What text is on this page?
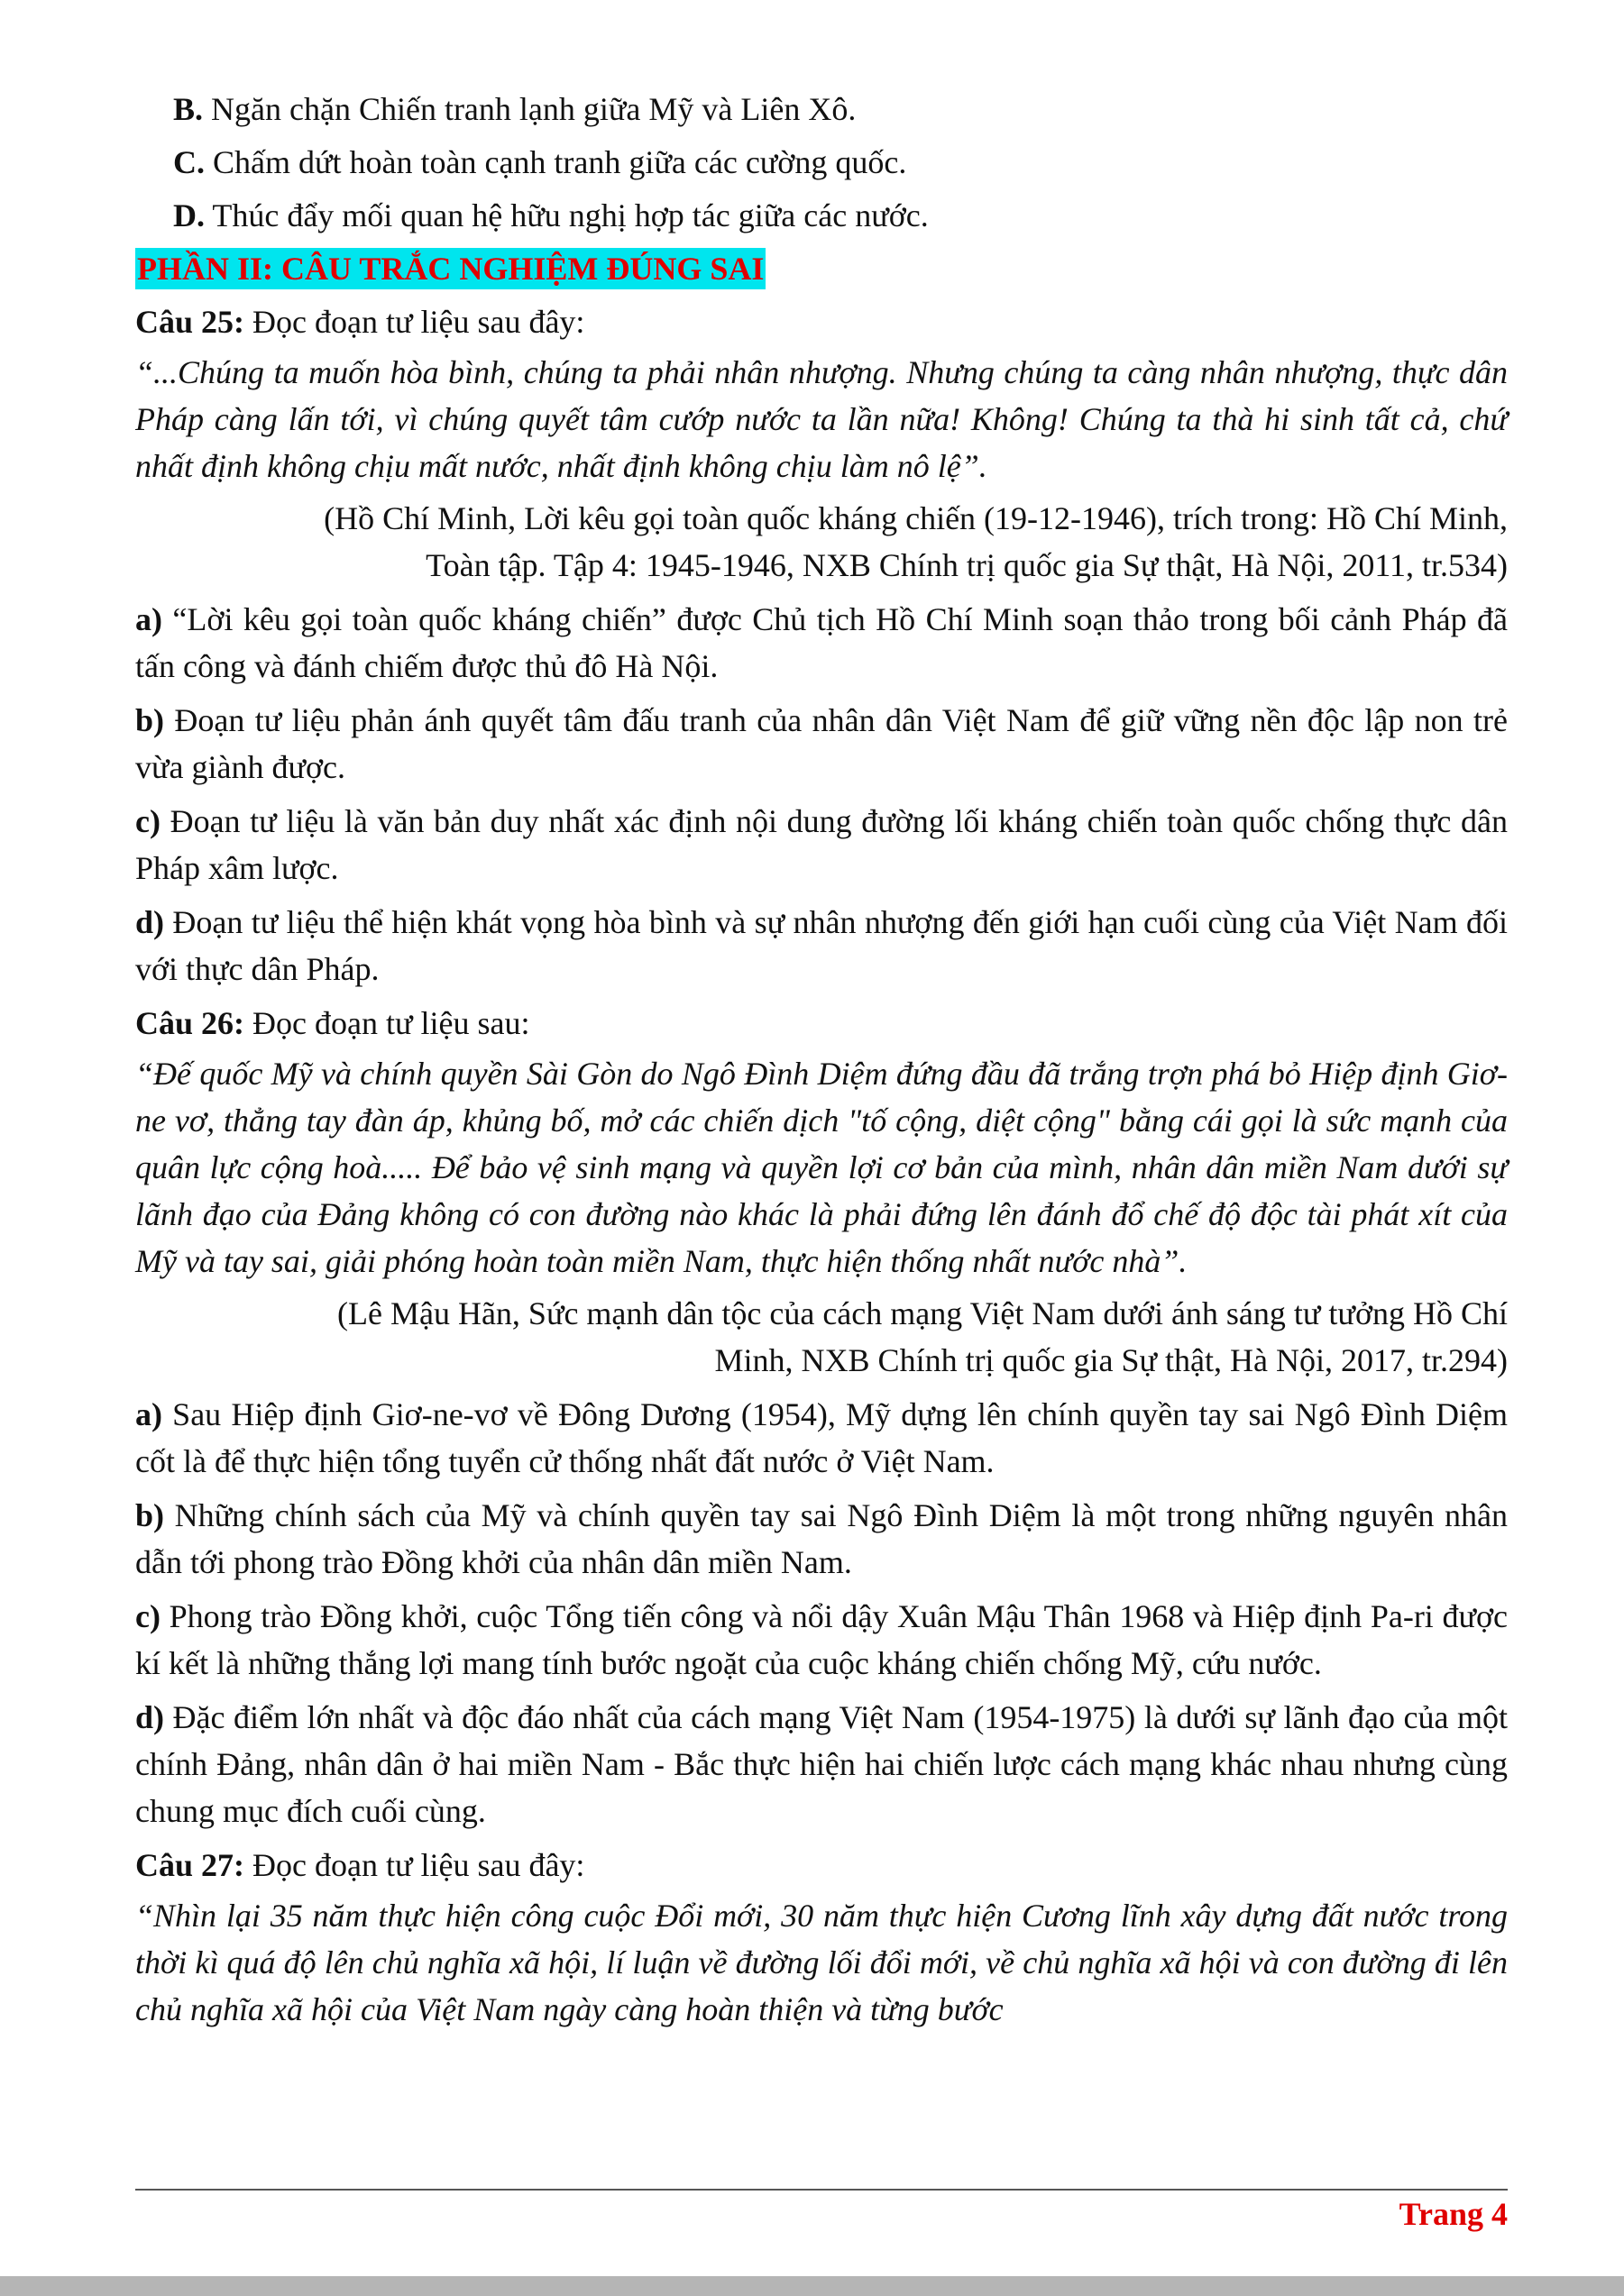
B. Ngăn chặn Chiến tranh lạnh giữa Mỹ và Liên Xô.

C. Chấm dứt hoàn toàn cạnh tranh giữa các cường quốc.

D. Thúc đẩy mối quan hệ hữu nghị hợp tác giữa các nước.

PHẦN II: CÂU TRẮC NGHIỆM ĐÚNG SAI

Câu 25: Đọc đoạn tư liệu sau đây:

“...Chúng ta muốn hòa bình, chúng ta phải nhân nhượng. Nhưng chúng ta càng nhân nhượng, thực dân Pháp càng lấn tới, vì chúng quyết tâm cướp nước ta lần nữa! Không! Chúng ta thà hi sinh tất cả, chứ nhất định không chịu mất nước, nhất định không chịu làm nô lệ”.

(Hồ Chí Minh, Lời kêu gọi toàn quốc kháng chiến (19-12-1946), trích trong: Hồ Chí Minh,
Toàn tập. Tập 4: 1945-1946, NXB Chính trị quốc gia Sự thật, Hà Nội, 2011, tr.534)

a) “Lời kêu gọi toàn quốc kháng chiến” được Chủ tịch Hồ Chí Minh soạn thảo trong bối cảnh Pháp đã tấn công và đánh chiếm được thủ đô Hà Nội.

b) Đoạn tư liệu phản ánh quyết tâm đấu tranh của nhân dân Việt Nam để giữ vững nền độc lập non trẻ vừa giành được.

c) Đoạn tư liệu là văn bản duy nhất xác định nội dung đường lối kháng chiến toàn quốc chống thực dân Pháp xâm lược.

d) Đoạn tư liệu thể hiện khát vọng hòa bình và sự nhân nhượng đến giới hạn cuối cùng của Việt Nam đối với thực dân Pháp.

Câu 26: Đọc đoạn tư liệu sau:

“Đế quốc Mỹ và chính quyền Sài Gòn do Ngô Đình Diệm đứng đầu đã trắng trợn phá bỏ Hiệp định Giơ-ne vơ, thẳng tay đàn áp, khủng bố, mở các chiến dịch "tố cộng, diệt cộng" bằng cái gọi là sức mạnh của quân lực cộng hoà..... Để bảo vệ sinh mạng và quyền lợi cơ bản của mình, nhân dân miền Nam dưới sự lãnh đạo của Đảng không có con đường nào khác là phải đứng lên đánh đổ chế độ độc tài phát xít của Mỹ và tay sai, giải phóng hoàn toàn miền Nam, thực hiện thống nhất nước nhà”.

(Lê Mậu Hãn, Sức mạnh dân tộc của cách mạng Việt Nam dưới ánh sáng tư tưởng Hồ Chí
Minh, NXB Chính trị quốc gia Sự thật, Hà Nội, 2017, tr.294)

a) Sau Hiệp định Giơ-ne-vơ về Đông Dương (1954), Mỹ dựng lên chính quyền tay sai Ngô Đình Diệm cốt là để thực hiện tổng tuyển cử thống nhất đất nước ở Việt Nam.

b) Những chính sách của Mỹ và chính quyền tay sai Ngô Đình Diệm là một trong những nguyên nhân dẫn tới phong trào Đồng khởi của nhân dân miền Nam.

c) Phong trào Đồng khởi, cuộc Tổng tiến công và nổi dậy Xuân Mậu Thân 1968 và Hiệp định Pa-ri được kí kết là những thắng lợi mang tính bước ngoặt của cuộc kháng chiến chống Mỹ, cứu nước.

d) Đặc điểm lớn nhất và độc đáo nhất của cách mạng Việt Nam (1954-1975) là dưới sự lãnh đạo của một chính Đảng, nhân dân ở hai miền Nam - Bắc thực hiện hai chiến lược cách mạng khác nhau nhưng cùng chung mục đích cuối cùng.

Câu 27: Đọc đoạn tư liệu sau đây:

“Nhìn lại 35 năm thực hiện công cuộc Đổi mới, 30 năm thực hiện Cương lĩnh xây dựng đất nước trong thời kì quá độ lên chủ nghĩa xã hội, lí luận về đường lối đổi mới, về chủ nghĩa xã hội và con đường đi lên chủ nghĩa xã hội của Việt Nam ngày càng hoàn thiện và từng bước

Trang 4
